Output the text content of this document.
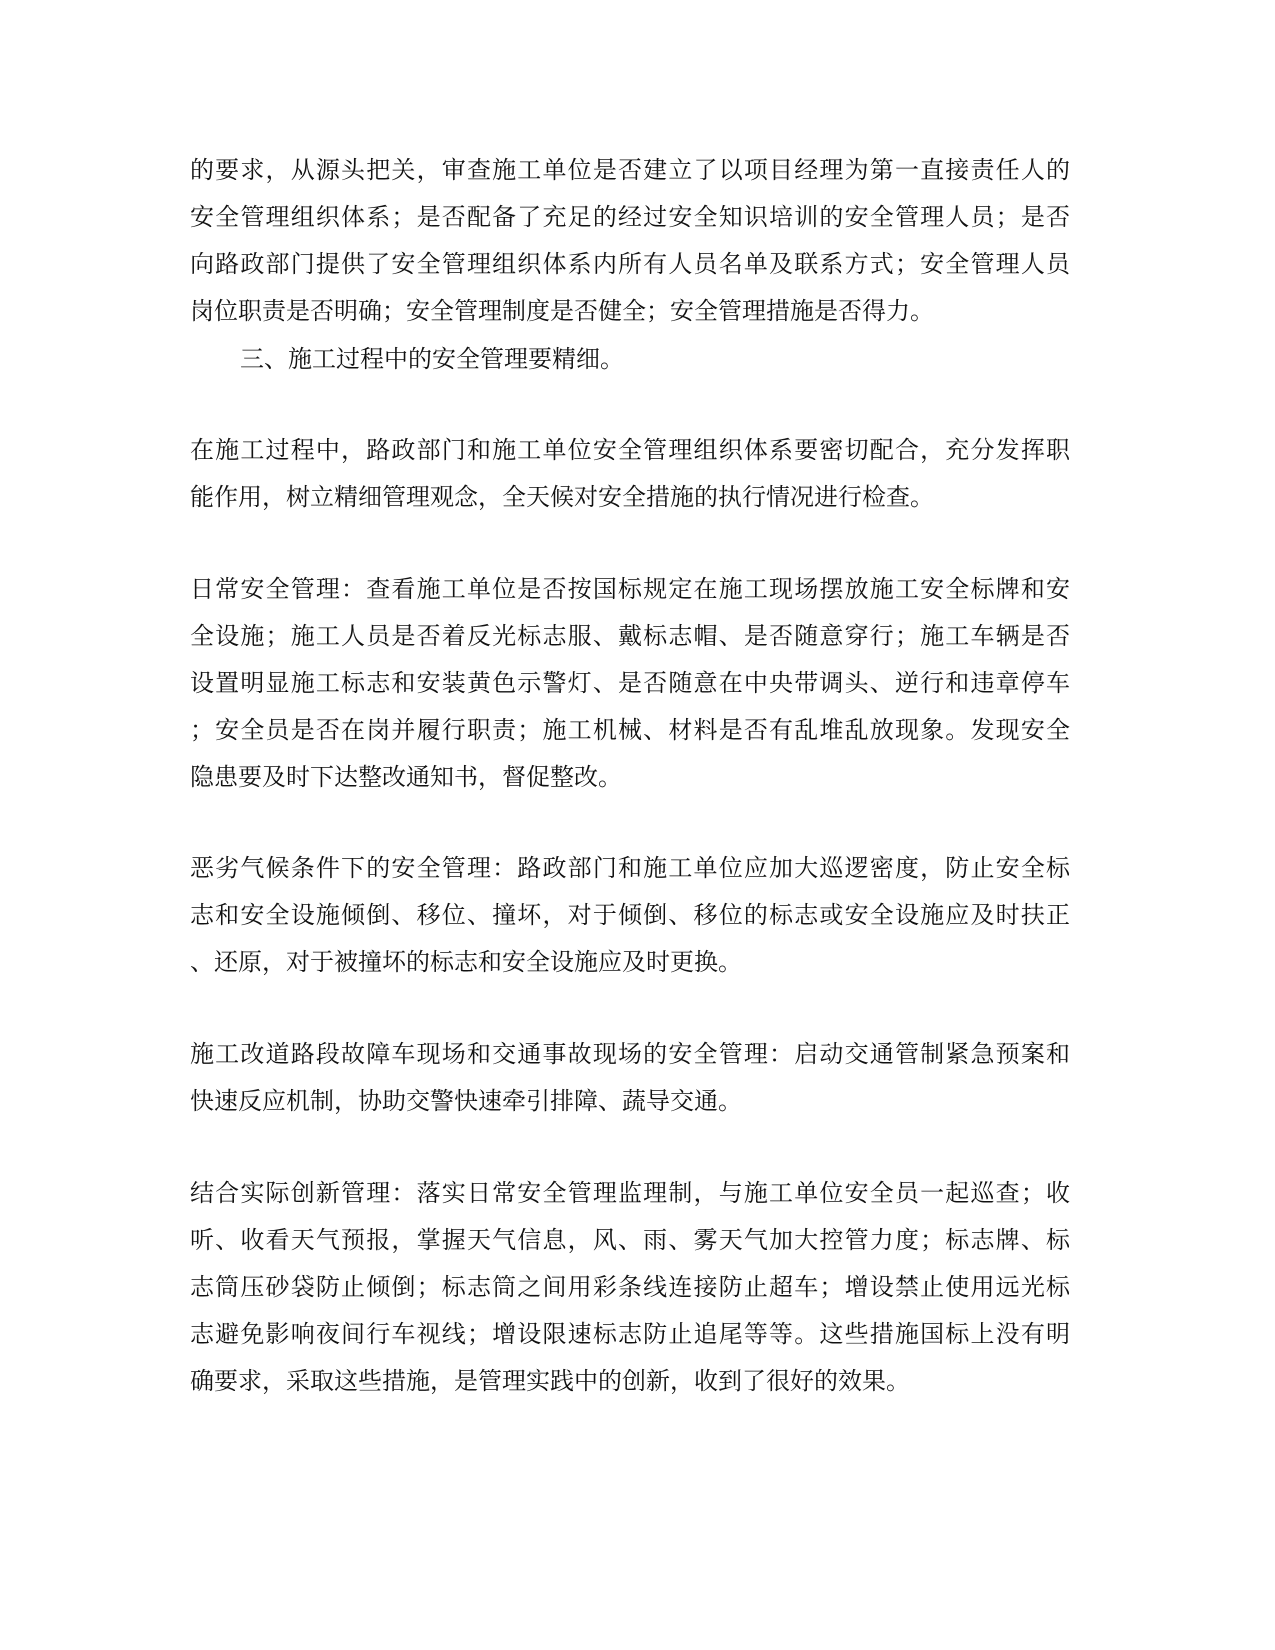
的要求，从源头把关，审查施工单位是否建立了以项目经理为第一直接责任人的
安全管理组织体系；是否配备了充足的经过安全知识培训的安全管理人员；是否
向路政部门提供了安全管理组织体系内所有人员名单及联系方式；安全管理人员
岗位职责是否明确；安全管理制度是否健全；安全管理措施是否得力。
三、施工过程中的安全管理要精细。
在施工过程中，路政部门和施工单位安全管理组织体系要密切配合，充分发挥职
能作用，树立精细管理观念，全天候对安全措施的执行情况进行检查。
日常安全管理：查看施工单位是否按国标规定在施工现场摆放施工安全标牌和安
全设施；施工人员是否着反光标志服、戴标志帽、是否随意穿行；施工车辆是否
设置明显施工标志和安装黄色示警灯、是否随意在中央带调头、逆行和违章停车
；安全员是否在岗并履行职责；施工机械、材料是否有乱堆乱放现象。发现安全
隐患要及时下达整改通知书，督促整改。
恶劣气候条件下的安全管理：路政部门和施工单位应加大巡逻密度，防止安全标
志和安全设施倾倒、移位、撞坏，对于倾倒、移位的标志或安全设施应及时扶正
、还原，对于被撞坏的标志和安全设施应及时更换。
施工改道路段故障车现场和交通事故现场的安全管理：启动交通管制紧急预案和
快速反应机制，协助交警快速牵引排障、蔬导交通。
结合实际创新管理：落实日常安全管理监理制，与施工单位安全员一起巡查；收
听、收看天气预报，掌握天气信息，风、雨、雾天气加大控管力度；标志牌、标
志筒压砂袋防止倾倒；标志筒之间用彩条线连接防止超车；增设禁止使用远光标
志避免影响夜间行车视线；增设限速标志防止追尾等等。这些措施国标上没有明
确要求，采取这些措施，是管理实践中的创新，收到了很好的效果。
